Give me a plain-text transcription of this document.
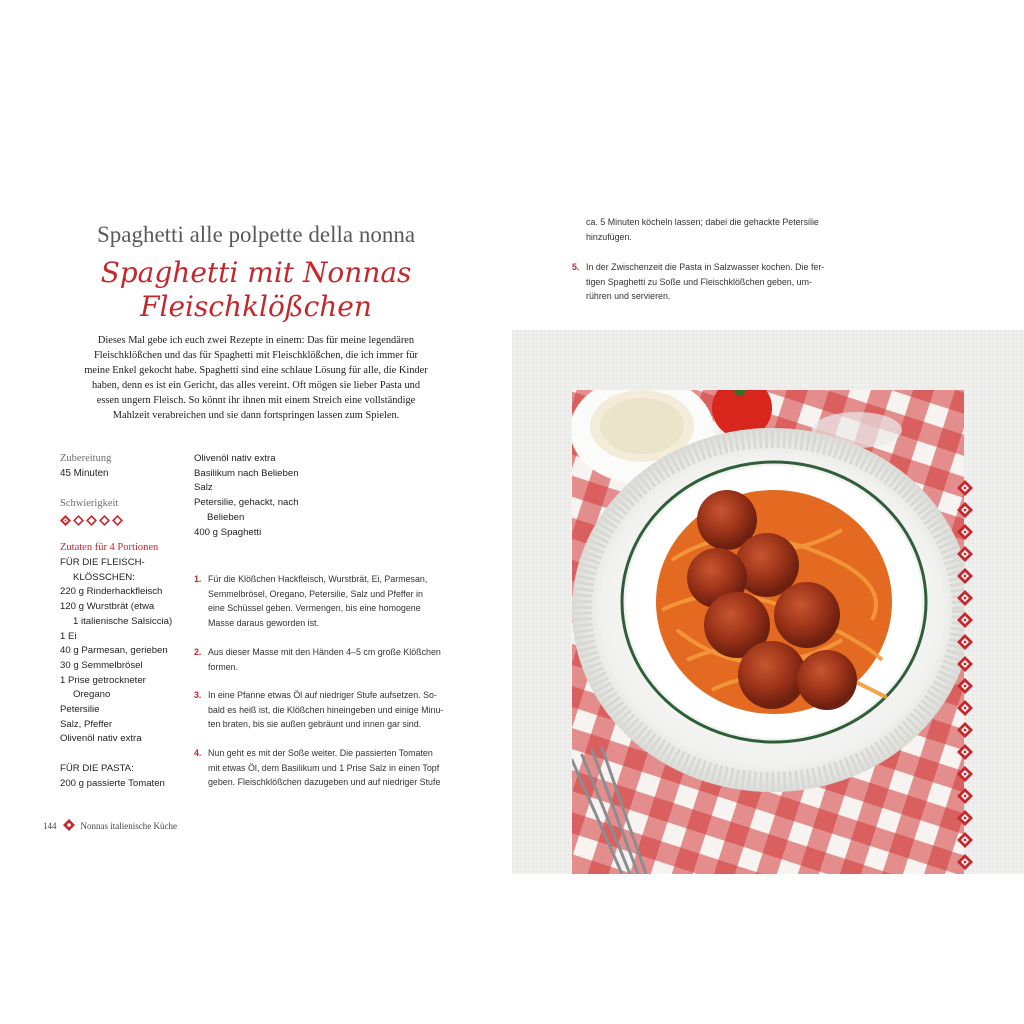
Spaghetti alle polpette della nonna
Spaghetti mit Nonnas
Fleischklößchen
Dieses Mal gebe ich euch zwei Rezepte in einem: Das für meine legendären
Fleischklößchen und das für Spaghetti mit Fleischklößchen, die ich immer für
meine Enkel gekocht habe. Spaghetti sind eine schlaue Lösung für alle, die Kinder
haben, denn es ist ein Gericht, das alles vereint. Oft mögen sie lieber Pasta und
essen ungern Fleisch. So könnt ihr ihnen mit einem Streich eine vollständige
Mahlzeit verabreichen und sie dann fortspringen lassen zum Spielen.
Zubereitung
45 Minuten
Schwierigkeit
Zutaten für 4 Portionen
FÜR DIE FLEISCH-
KLÖSSCHEN:
220 g Rinderhackfleisch
120 g Wurstbrät (etwa
1 italienische Salsiccia)
1 Ei
40 g Parmesan, gerieben
30 g Semmelbrösel
1 Prise getrockneter
Oregano
Petersilie
Salz, Pfeffer
Olivenöl nativ extra

FÜR DIE PASTA:
200 g passierte Tomaten
Olivenöl nativ extra
Basilikum nach Belieben
Salz
Petersilie, gehackt, nach
Belieben
400 g Spaghetti
1. Für die Klößchen Hackfleisch, Wurstbrät, Ei, Parmesan,
Semmelbrösel, Oregano, Petersilie, Salz und Pfeffer in
eine Schüssel geben. Vermengen, bis eine homogene
Masse daraus geworden ist.
2. Aus dieser Masse mit den Händen 4–5 cm große Klößchen
formen.
3. In eine Pfanne etwas Öl auf niedriger Stufe aufsetzen. So-
bald es heiß ist, die Klößchen hineingeben und einige Minu-
ten braten, bis sie außen gebräunt und innen gar sind.
4. Nun geht es mit der Soße weiter. Die passierten Tomaten
mit etwas Öl, dem Basilikum und 1 Prise Salz in einen Topf
geben. Fleischklößchen dazugeben und auf niedriger Stufe
ca. 5 Minuten köcheln lassen; dabei die gehackte Petersilie
hinzufügen.
5. In der Zwischenzeit die Pasta in Salzwasser kochen. Die fer-
tigen Spaghetti zu Soße und Fleischklößchen geben, um-
rühren und servieren.
144	Nonnas italienische Küche
